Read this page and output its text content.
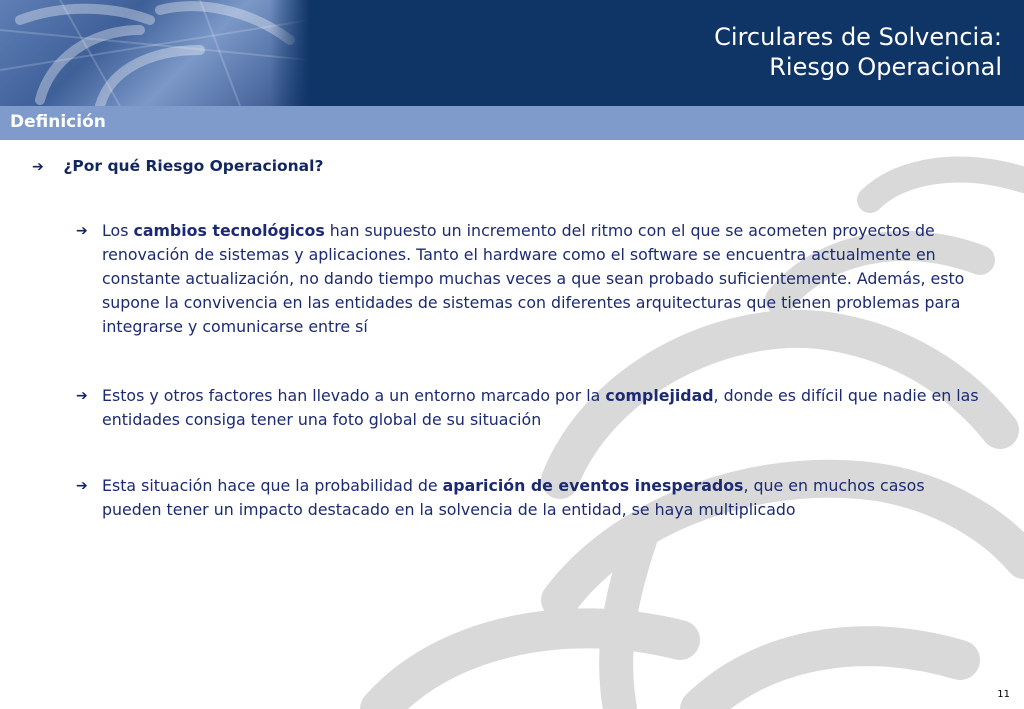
Circulares de Solvencia:
Riesgo Operacional
Definición
➔ ¿Por qué Riesgo Operacional?
➔ Los cambios tecnológicos han supuesto un incremento del ritmo con el que se acometen proyectos de renovación de sistemas y aplicaciones. Tanto el hardware como el software se encuentra actualmente en constante actualización, no dando tiempo muchas veces a que sean probado suficientemente. Además, esto supone la convivencia en las entidades de sistemas con diferentes arquitecturas que tienen problemas para integrarse y comunicarse entre sí

➔ Estos y otros factores han llevado a un entorno marcado por la complejidad, donde es difícil que nadie en las entidades consiga tener una foto global de su situación

➔ Esta situación hace que la probabilidad de aparición de eventos inesperados, que en muchos casos pueden tener un impacto destacado en la solvencia de la entidad, se haya multiplicado

11
